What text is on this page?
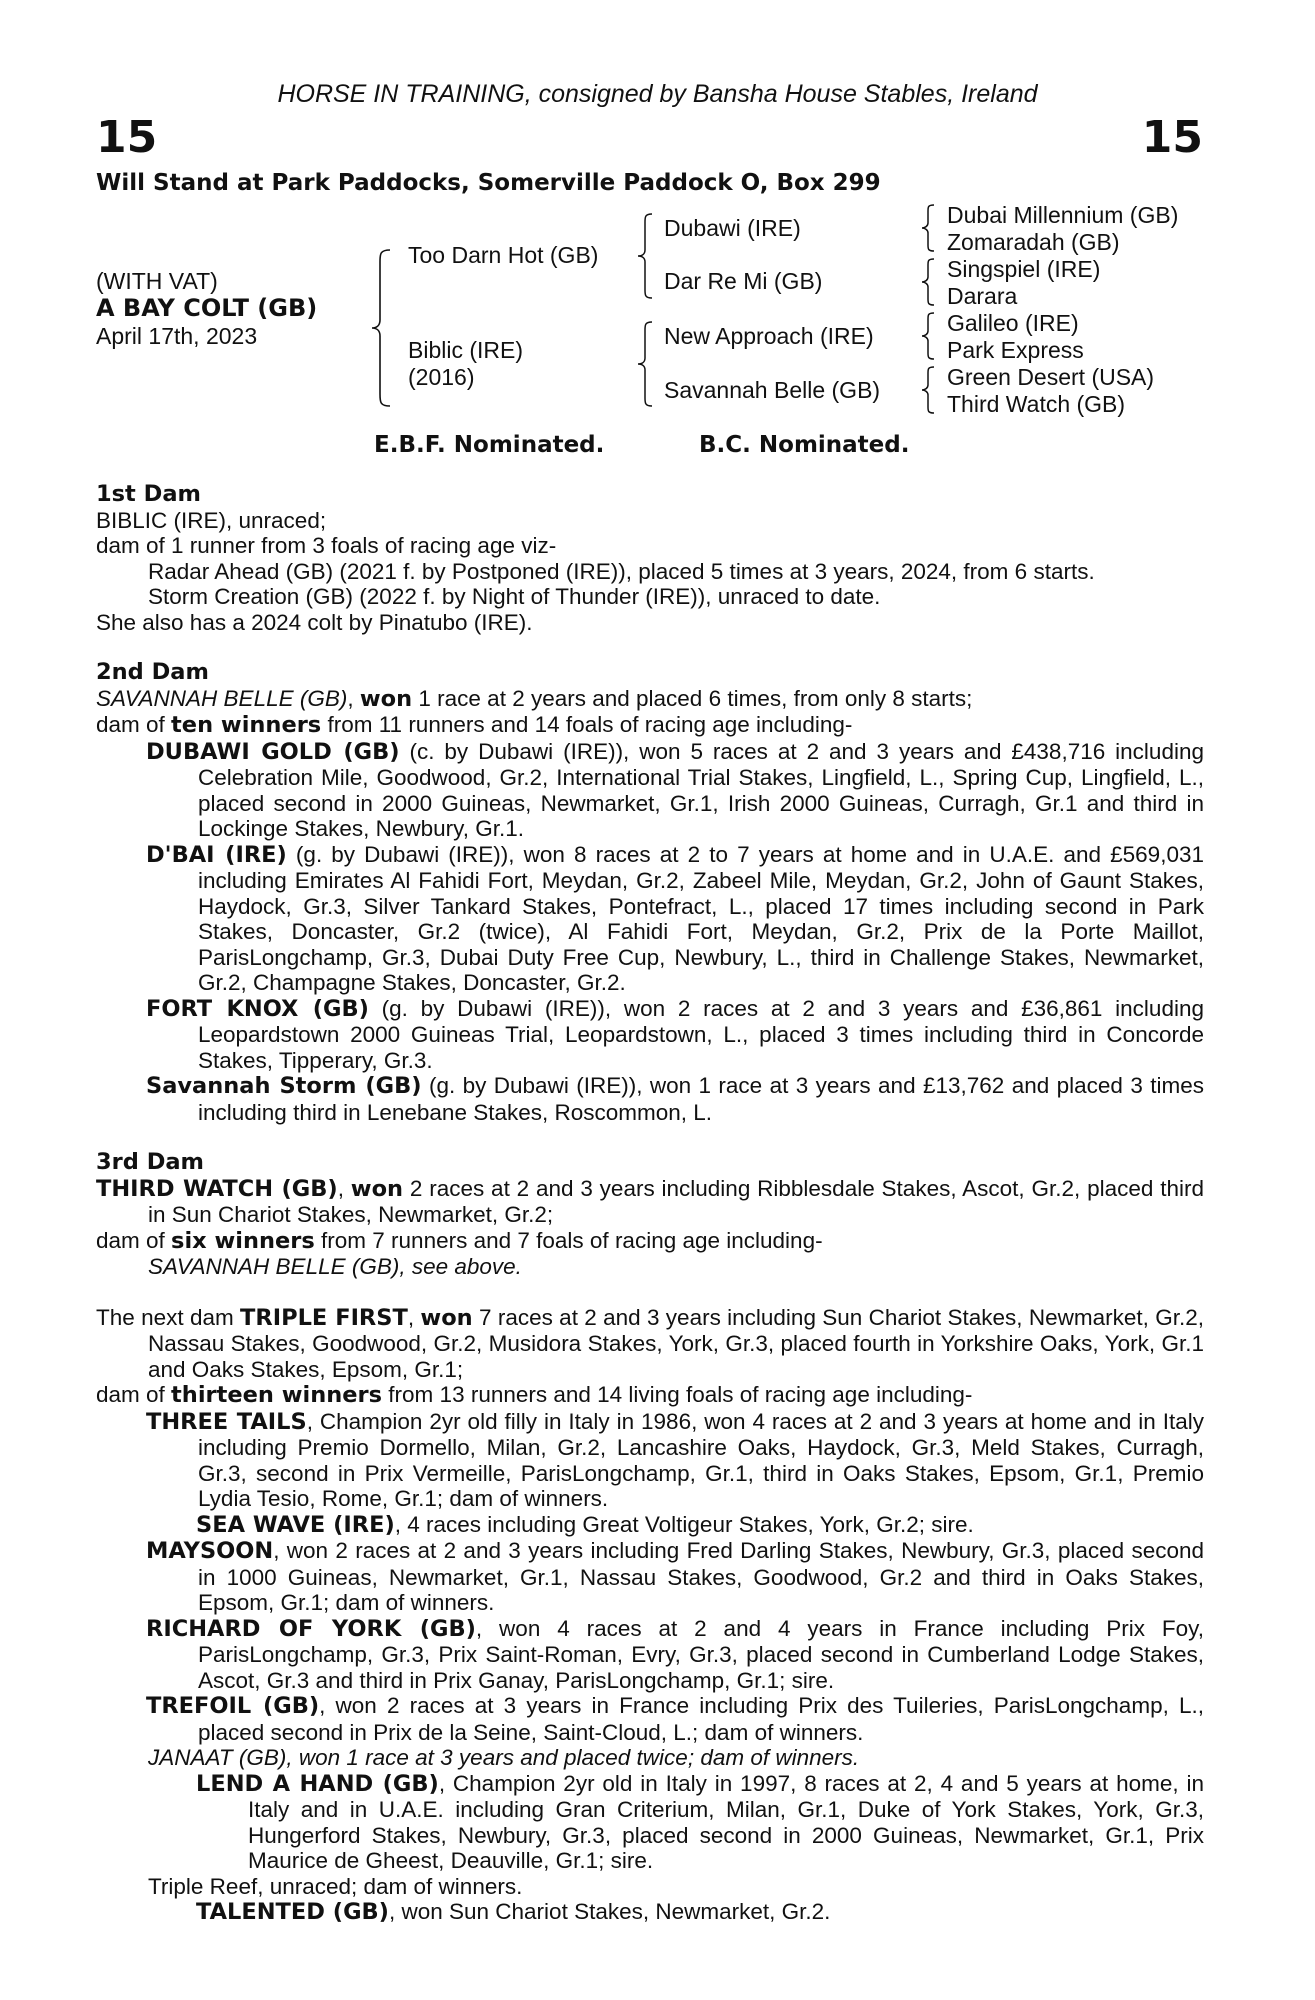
HORSE IN TRAINING, consigned by Bansha House Stables, Ireland
15	15
Will Stand at Park Paddocks, Somerville Paddock O, Box 299
(WITH VAT)
A BAY COLT (GB)
April 17th, 2023
Too Darn Hot (GB)
Biblic (IRE)
(2016)
Dubawi (IRE)
Dar Re Mi (GB)
New Approach (IRE)
Savannah Belle (GB)
Dubai Millennium (GB)
Zomaradah (GB)
Singspiel (IRE)
Darara
Galileo (IRE)
Park Express
Green Desert (USA)
Third Watch (GB)
E.B.F. Nominated.	B.C. Nominated.

1st Dam

BIBLIC (IRE), unraced;

dam of 1 runner from 3 foals of racing age viz-

Radar Ahead (GB) (2021 f. by Postponed (IRE)), placed 5 times at 3 years, 2024, from 6 starts.

Storm Creation (GB) (2022 f. by Night of Thunder (IRE)), unraced to date.

She also has a 2024 colt by Pinatubo (IRE).

2nd Dam

SAVANNAH BELLE (GB), won 1 race at 2 years and placed 6 times, from only 8 starts;

dam of ten winners from 11 runners and 14 foals of racing age including-

DUBAWI GOLD (GB) (c. by Dubawi (IRE)), won 5 races at 2 and 3 years and £438,716 including Celebration Mile, Goodwood, Gr.2, International Trial Stakes, Lingfield, L., Spring Cup, Lingfield, L., placed second in 2000 Guineas, Newmarket, Gr.1, Irish 2000 Guineas, Curragh, Gr.1 and third in Lockinge Stakes, Newbury, Gr.1.

D'BAI (IRE) (g. by Dubawi (IRE)), won 8 races at 2 to 7 years at home and in U.A.E. and £569,031 including Emirates Al Fahidi Fort, Meydan, Gr.2, Zabeel Mile, Meydan, Gr.2, John of Gaunt Stakes, Haydock, Gr.3, Silver Tankard Stakes, Pontefract, L., placed 17 times including second in Park Stakes, Doncaster, Gr.2 (twice), Al Fahidi Fort, Meydan, Gr.2, Prix de la Porte Maillot, ParisLongchamp, Gr.3, Dubai Duty Free Cup, Newbury, L., third in Challenge Stakes, Newmarket, Gr.2, Champagne Stakes, Doncaster, Gr.2.

FORT KNOX (GB) (g. by Dubawi (IRE)), won 2 races at 2 and 3 years and £36,861 including Leopardstown 2000 Guineas Trial, Leopardstown, L., placed 3 times including third in Concorde Stakes, Tipperary, Gr.3.

Savannah Storm (GB) (g. by Dubawi (IRE)), won 1 race at 3 years and £13,762 and placed 3 times including third in Lenebane Stakes, Roscommon, L.

3rd Dam

THIRD WATCH (GB), won 2 races at 2 and 3 years including Ribblesdale Stakes, Ascot, Gr.2, placed third in Sun Chariot Stakes, Newmarket, Gr.2;

dam of six winners from 7 runners and 7 foals of racing age including-

SAVANNAH BELLE (GB), see above.

The next dam TRIPLE FIRST, won 7 races at 2 and 3 years including Sun Chariot Stakes, Newmarket, Gr.2, Nassau Stakes, Goodwood, Gr.2, Musidora Stakes, York, Gr.3, placed fourth in Yorkshire Oaks, York, Gr.1 and Oaks Stakes, Epsom, Gr.1;

dam of thirteen winners from 13 runners and 14 living foals of racing age including-

THREE TAILS, Champion 2yr old filly in Italy in 1986, won 4 races at 2 and 3 years at home and in Italy including Premio Dormello, Milan, Gr.2, Lancashire Oaks, Haydock, Gr.3, Meld Stakes, Curragh, Gr.3, second in Prix Vermeille, ParisLongchamp, Gr.1, third in Oaks Stakes, Epsom, Gr.1, Premio Lydia Tesio, Rome, Gr.1; dam of winners.

SEA WAVE (IRE), 4 races including Great Voltigeur Stakes, York, Gr.2; sire.

MAYSOON, won 2 races at 2 and 3 years including Fred Darling Stakes, Newbury, Gr.3, placed second in 1000 Guineas, Newmarket, Gr.1, Nassau Stakes, Goodwood, Gr.2 and third in Oaks Stakes, Epsom, Gr.1; dam of winners.

RICHARD OF YORK (GB), won 4 races at 2 and 4 years in France including Prix Foy, ParisLongchamp, Gr.3, Prix Saint-Roman, Evry, Gr.3, placed second in Cumberland Lodge Stakes, Ascot, Gr.3 and third in Prix Ganay, ParisLongchamp, Gr.1; sire.

TREFOIL (GB), won 2 races at 3 years in France including Prix des Tuileries, ParisLongchamp, L., placed second in Prix de la Seine, Saint-Cloud, L.; dam of winners.

JANAAT (GB), won 1 race at 3 years and placed twice; dam of winners.

LEND A HAND (GB), Champion 2yr old in Italy in 1997, 8 races at 2, 4 and 5 years at home, in Italy and in U.A.E. including Gran Criterium, Milan, Gr.1, Duke of York Stakes, York, Gr.3, Hungerford Stakes, Newbury, Gr.3, placed second in 2000 Guineas, Newmarket, Gr.1, Prix Maurice de Gheest, Deauville, Gr.1; sire.

Triple Reef, unraced; dam of winners.

TALENTED (GB), won Sun Chariot Stakes, Newmarket, Gr.2.
